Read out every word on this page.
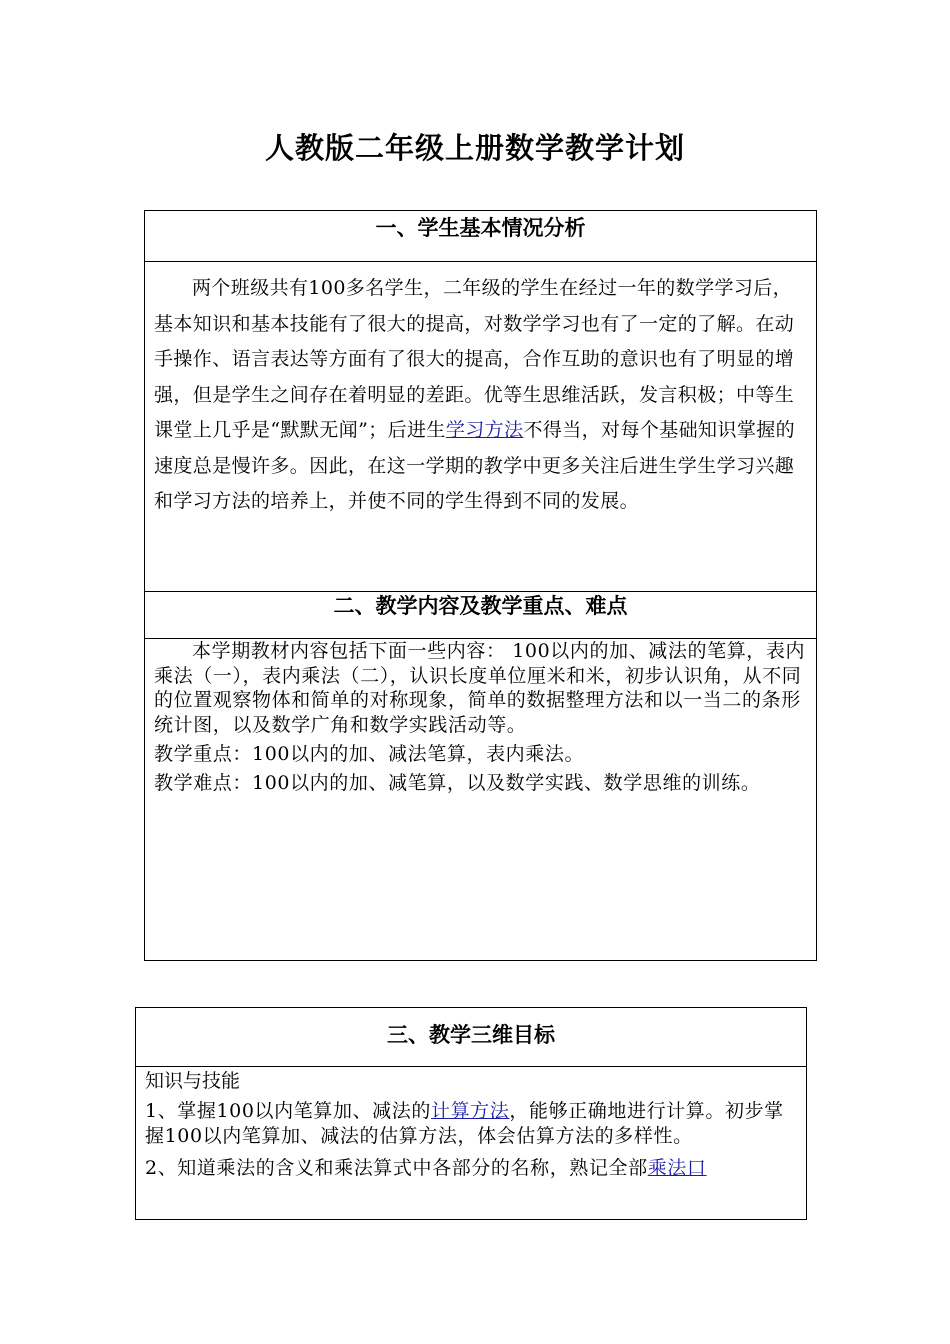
人教版二年级上册数学教学计划
一、学生基本情况分析
两个班级共有100多名学生，二年级的学生在经过一年的数学学习后，基本知识和基本技能有了很大的提高，对数学学习也有了一定的了解。在动手操作、语言表达等方面有了很大的提高，合作互助的意识也有了明显的增强，但是学生之间存在着明显的差距。优等生思维活跃，发言积极；中等生课堂上几乎是“默默无闻”；后进生学习方法不得当，对每个基础知识掌握的速度总是慢许多。因此，在这一学期的教学中更多关注后进生学生学习兴趣和学习方法的培养上，并使不同的学生得到不同的发展。
二、教学内容及教学重点、难点
本学期教材内容包括下面一些内容： 100以内的加、减法的笔算，表内乘法（一），表内乘法（二），认识长度单位厘米和米，初步认识角，从不同的位置观察物体和简单的对称现象，简单的数据整理方法和以一当二的条形统计图，以及数学广角和数学实践活动等。
教学重点：100以内的加、减法笔算，表内乘法。
教学难点：100以内的加、减笔算，以及数学实践、数学思维的训练。
三、教学三维目标
知识与技能
1、掌握100以内笔算加、减法的计算方法，能够正确地进行计算。初步掌握100以内笔算加、减法的估算方法，体会估算方法的多样性。
2、知道乘法的含义和乘法算式中各部分的名称，熟记全部乘法口
